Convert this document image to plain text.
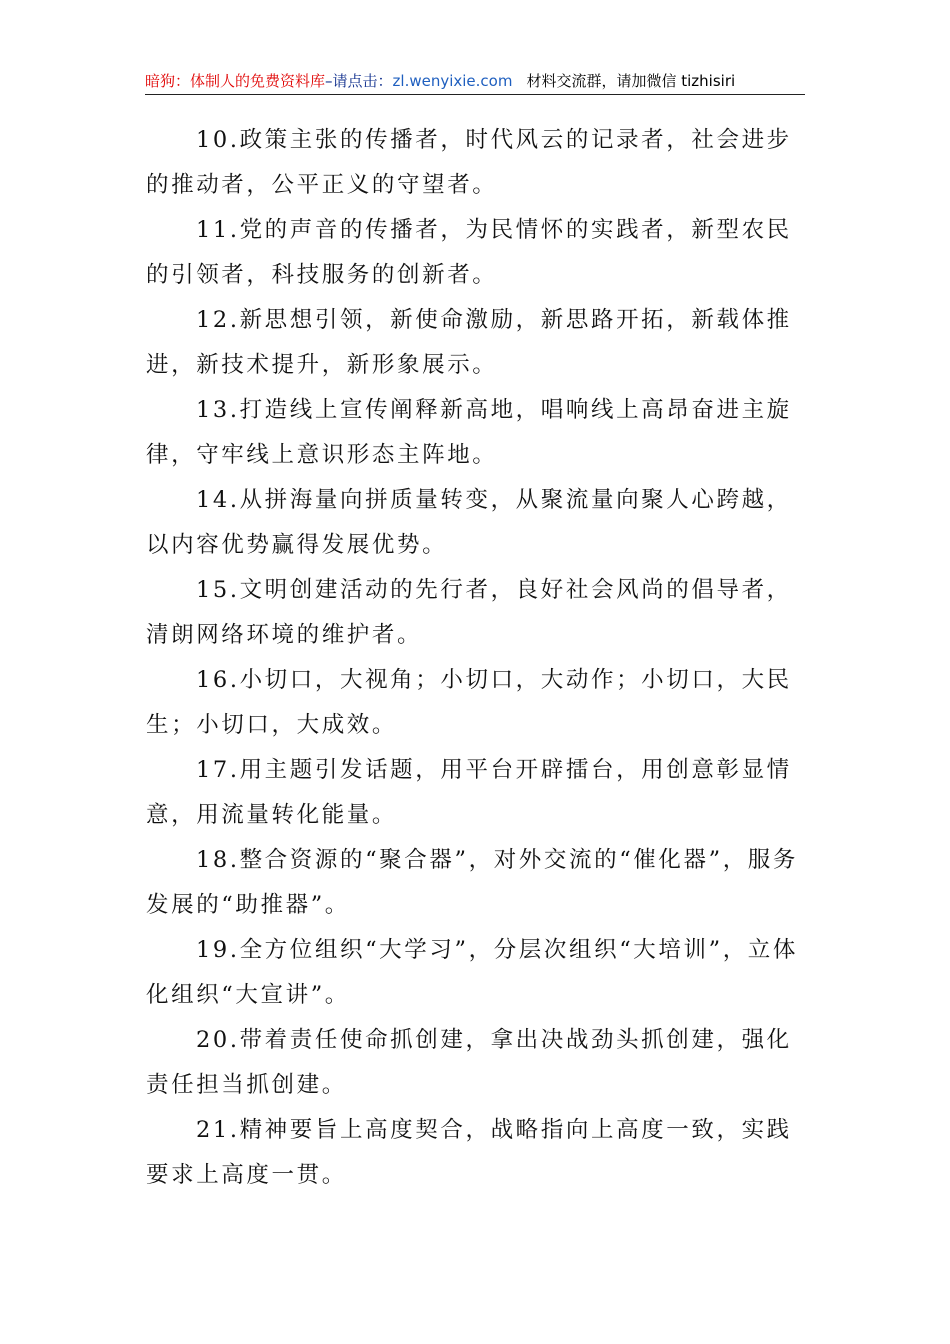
暗狗：体制人的免费资料库–请点击：zl.wenyixie.com 材料交流群，请加微信 tizhisiri

10.政策主张的传播者，时代风云的记录者，社会进步的推动者，公平正义的守望者。

11.党的声音的传播者，为民情怀的实践者，新型农民的引领者，科技服务的创新者。

12.新思想引领，新使命激励，新思路开拓，新载体推进，新技术提升，新形象展示。

13.打造线上宣传阐释新高地，唱响线上高昂奋进主旋律，守牢线上意识形态主阵地。

14.从拼海量向拼质量转变，从聚流量向聚人心跨越，以内容优势赢得发展优势。

15.文明创建活动的先行者，良好社会风尚的倡导者，清朗网络环境的维护者。

16.小切口，大视角；小切口，大动作；小切口，大民生；小切口，大成效。

17.用主题引发话题，用平台开辟擂台，用创意彰显情意，用流量转化能量。

18.整合资源的“聚合器”，对外交流的“催化器”，服务发展的“助推器”。

19.全方位组织“大学习”，分层次组织“大培训”，立体化组织“大宣讲”。

20.带着责任使命抓创建，拿出决战劲头抓创建，强化责任担当抓创建。

21.精神要旨上高度契合，战略指向上高度一致，实践要求上高度一贯。
